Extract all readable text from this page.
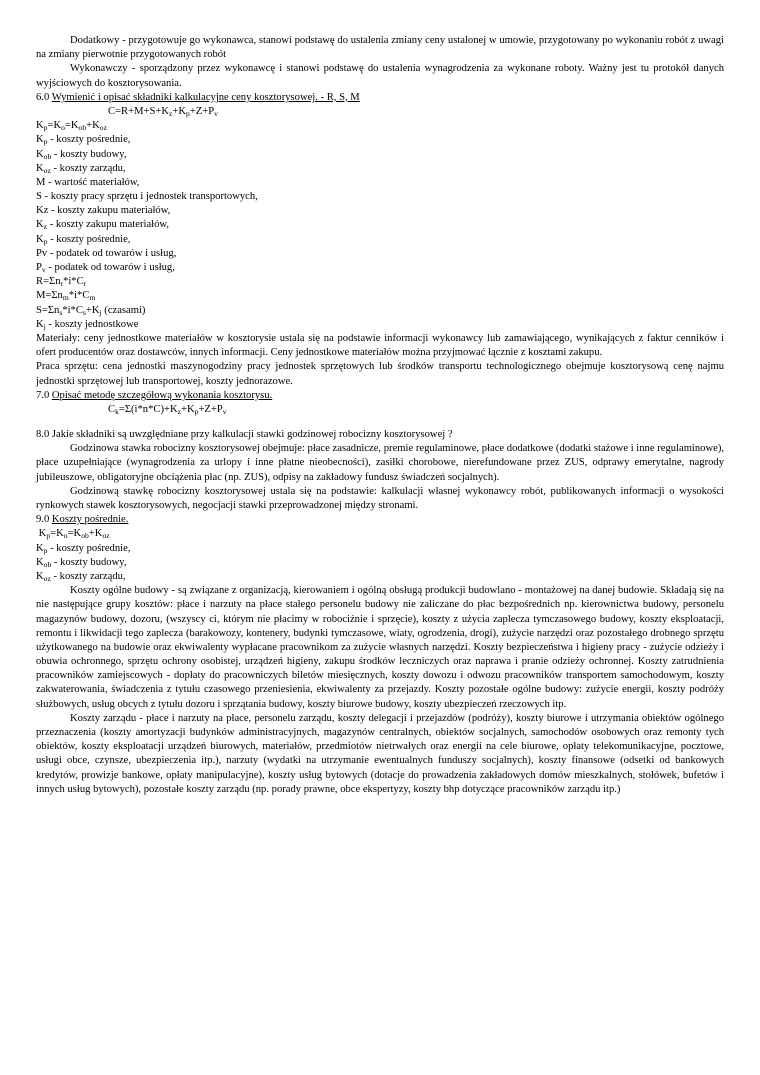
Dodatkowy - przygotowuje go wykonawca, stanowi podstawę do ustalenia zmiany ceny ustalonej w umowie, przygotowany po wykonaniu robót z uwagi na zmiany pierwotnie przygotowanych robót

Wykonawczy - sporządzony przez wykonawcę i stanowi podstawę do ustalenia wynagrodzenia za wykonane roboty. Ważny jest tu protokół danych wyjściowych do kosztorysowania.

6.0 Wymienić i opisać składniki kalkulacyjne ceny kosztorysowej. - R, S, M

$C=R+M+S+K_z+K_p+Z+P_v$

$K_p=K_o=K_{ob}+K_{oz}$

$K_p$ - koszty pośrednie,

$K_{ob}$ - koszty budowy,

$K_{oz}$ - koszty zarządu,

M - wartość materiałów,

S - koszty pracy sprzętu i jednostek transportowych,

Kz - koszty zakupu materiałów,

$K_z$ - koszty zakupu materiałów,

$K_p$ - koszty pośrednie,

Pv - podatek od towarów i usług,

$P_v$ - podatek od towarów i usług,

$R=\Sigma n_r*i*C_r$

$M=\Sigma n_m*i*C_m$

$S=\Sigma n_s*i*C_s+K_j$ (czasami)

$K_j$ - koszty jednostkowe

Materiały: ceny jednostkowe materiałów w kosztorysie ustala się na podstawie informacji wykonawcy lub zamawiającego, wynikających z faktur cenników i ofert producentów oraz dostawców, innych informacji. Ceny jednostkowe materiałów można przyjmować łącznie z kosztami zakupu.

Praca sprzętu: cena jednostki maszynogodziny pracy jednostek sprzętowych lub środków transportu technologicznego obejmuje kosztorysową cenę najmu jednostki sprzętowej lub transportowej, koszty jednorazowe.

7.0 Opisać metodę szczegółową wykonania kosztorysu.

$C_k=\Sigma(i*n*C)+K_z+K_p+Z+P_v$

8.0 Jakie składniki są uwzględniane przy kalkulacji stawki godzinowej robocizny kosztorysowej ?

Godzinowa stawka robocizny kosztorysowej obejmuje: płace zasadnicze, premie regulaminowe, płace dodatkowe (dodatki stażowe i inne regulaminowe), płace uzupełniające (wynagrodzenia za urlopy i inne płatne nieobecności), zasiłki chorobowe, nierefundowane przez ZUS, odprawy emerytalne, nagrody jubileuszowe, obligatoryjne obciążenia płac (np. ZUS), odpisy na zakładowy fundusz świadczeń socjalnych).

Godzinową stawkę robocizny kosztorysowej ustala się na podstawie: kalkulacji własnej wykonawcy robót, publikowanych informacji o wysokości rynkowych stawek kosztorysowych, negocjacji stawki przeprowadzonej między stronami.

9.0 Koszty pośrednie.

$K_p=K_o=K_{ob}+K_{oz}$

$K_p$ - koszty pośrednie,

$K_{ob}$ - koszty budowy,

$K_{oz}$ - koszty zarządu,

Koszty ogólne budowy - są związane z organizacją, kierowaniem i ogólną obsługą produkcji budowlano - montażowej na danej budowie. Składają się na nie następujące grupy kosztów: płace i narzuty na płace stałego personelu budowy nie zaliczane do płac bezpośrednich np. kierownictwa budowy, personelu magazynów budowy, dozoru, (wszyscy ci, którym nie płacimy w robociźnie i sprzęcie), koszty z użycia zaplecza tymczasowego budowy, koszty eksploatacji, remontu i likwidacji tego zaplecza (barakowozy, kontenery, budynki tymczasowe, wiaty, ogrodzenia, drogi), zużycie narzędzi oraz pozostałego drobnego sprzętu użytkowanego na budowie oraz ekwiwalenty wypłacane pracownikom za zużycie własnych narzędzi. Koszty bezpieczeństwa i higieny pracy - zużycie odzieży i obuwia ochronnego, sprzętu ochrony osobistej, urządzeń higieny, zakupu środków leczniczych oraz naprawa i pranie odzieży ochronnej. Koszty zatrudnienia pracowników zamiejscowych - dopłaty do pracowniczych biletów miesięcznych, koszty dowozu i odwozu pracowników transportem samochodowym, koszty zakwaterowania, świadczenia z tytułu czasowego przeniesienia, ekwiwalenty za przejazdy. Koszty pozostałe ogólne budowy: zużycie energii, koszty podróży służbowych, usług obcych z tytułu dozoru i sprzątania budowy, koszty biurowe budowy, koszty ubezpieczeń rzeczowych itp.

Koszty zarządu - płace i narzuty na płace, personelu zarządu, koszty delegacji i przejazdów (podróży), koszty biurowe i utrzymania obiektów ogólnego przeznaczenia (koszty amortyzacji budynków administracyjnych, magazynów centralnych, obiektów socjalnych, samochodów osobowych oraz remonty tych obiektów, koszty eksploatacji urządzeń biurowych, materiałów, przedmiotów nietrwałych oraz energii na cele biurowe, opłaty telekomunikacyjne, pocztowe, usługi obce, czynsze, ubezpieczenia itp.), narzuty (wydatki na utrzymanie ewentualnych funduszy socjalnych), koszty finansowe (odsetki od bankowych kredytów, prowizje bankowe, opłaty manipulacyjne), koszty usług bytowych (dotacje do prowadzenia zakładowych domów mieszkalnych, stołówek, bufetów i innych usług bytowych), pozostałe koszty zarządu (np. porady prawne, obce ekspertyzy, koszty bhp dotyczące pracowników zarządu itp.)
